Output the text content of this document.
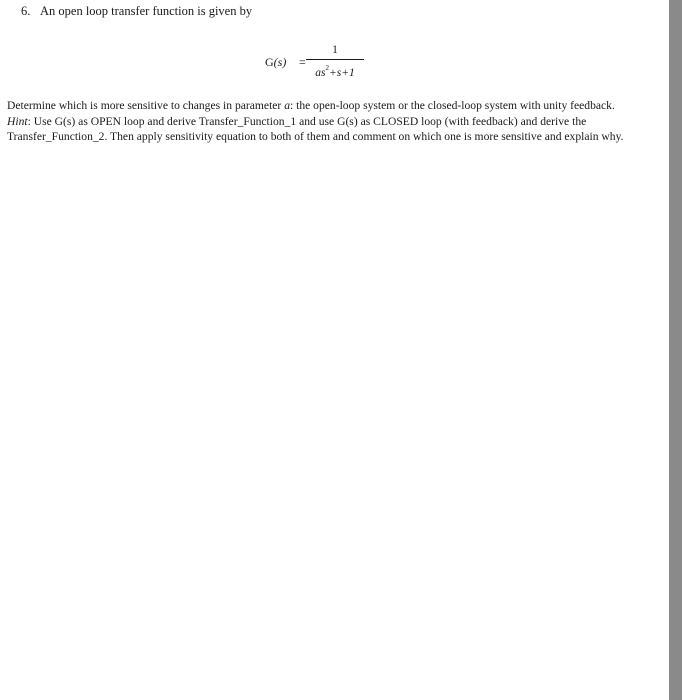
6. An open loop transfer function is given by
G(s) =
1
$as^2+s+1$

Determine which is more sensitive to changes in parameter a: the open-loop system or the closed-loop system with unity feedback.

Hint: Use G(s) as OPEN loop and derive Transfer_Function_1 and use G(s) as CLOSED loop (with feedback) and derive the Transfer_Function_2. Then apply sensitivity equation to both of them and comment on which one is more sensitive and explain why.
